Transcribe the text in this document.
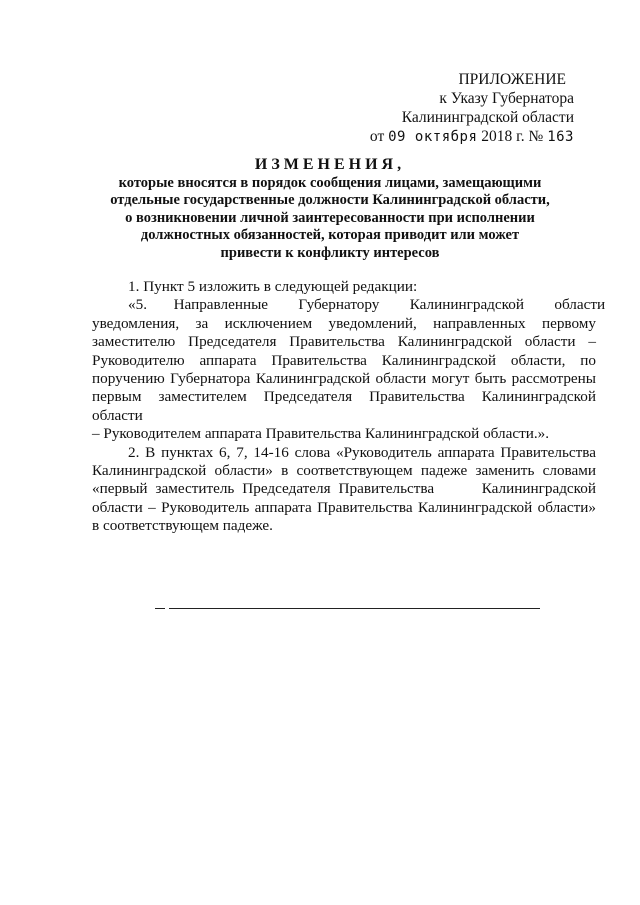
ПРИЛОЖЕНИЕ
к Указу Губернатора
Калининградской области
от 09 октября 2018 г. № 163
ИЗМЕНЕНИЯ,
которые вносятся в порядок сообщения лицами, замещающими
отдельные государственные должности Калининградской области,
о возникновении личной заинтересованности при исполнении
должностных обязанностей, которая приводит или может
привести к конфликту интересов

1. Пункт 5 изложить в следующей редакции:

«5.       Направленные        Губернатору        Калининградской        области
уведомления, за исключением уведомлений, направленных первому
заместителю Председателя Правительства Калининградской области –
Руководителю аппарата Правительства Калининградской области, по
поручению Губернатора Калининградской области могут быть рассмотрены
первым заместителем Председателя Правительства Калининградской области
– Руководителем аппарата Правительства Калининградской области.».
2. В пунктах 6, 7, 14-16 слова «Руководитель аппарата Правительства
Калининградской области» в соответствующем падеже заменить словами
«первый заместитель Председателя Правительства      Калининградской
области – Руководитель аппарата Правительства Калининградской области»
в соответствующем падеже.
